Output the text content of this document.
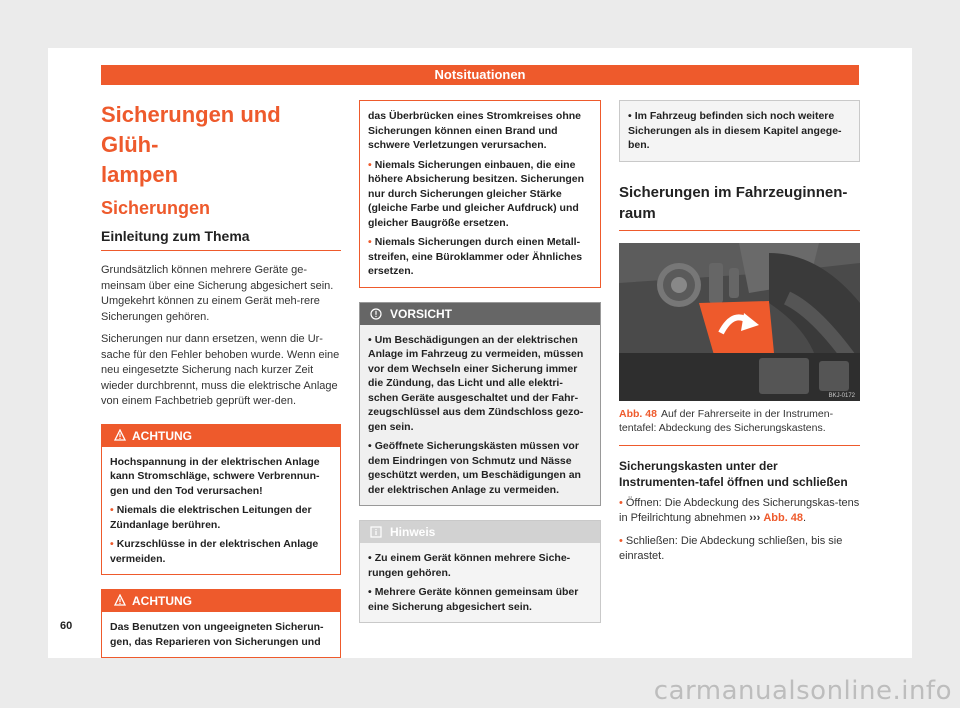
Notsituationen
Sicherungen und Glüh-
lampen
Sicherungen
Einleitung zum Thema

Grundsätzlich können mehrere Geräte ge-meinsam über eine Sicherung abgesichert sein. Umgekehrt können zu einem Gerät meh-rere Sicherungen gehören.

Sicherungen nur dann ersetzen, wenn die Ur-sache für den Fehler behoben wurde. Wenn eine neu eingesetzte Sicherung nach kurzer Zeit wieder durchbrennt, muss die elektrische Anlage von einem Fachbetrieb geprüft wer-den.

ACHTUNG

Hochspannung in der elektrischen Anlage kann Stromschläge, schwere Verbrennun-gen und den Tod verursachen!

• Niemals die elektrischen Leitungen der Zündanlage berühren.

• Kurzschlüsse in der elektrischen Anlage vermeiden.

ACHTUNG

Das Benutzen von ungeeigneten Sicherun-gen, das Reparieren von Sicherungen und

das Überbrücken eines Stromkreises ohne Sicherungen können einen Brand und schwere Verletzungen verursachen.

• Niemals Sicherungen einbauen, die eine höhere Absicherung besitzen. Sicherungen nur durch Sicherungen gleicher Stärke (gleiche Farbe und gleicher Aufdruck) und gleicher Baugröße ersetzen.

• Niemals Sicherungen durch einen Metall-streifen, eine Büroklammer oder Ähnliches ersetzen.

VORSICHT

• Um Beschädigungen an der elektrischen Anlage im Fahrzeug zu vermeiden, müssen vor dem Wechseln einer Sicherung immer die Zündung, das Licht und alle elektri-schen Geräte ausgeschaltet und der Fahr-zeugschlüssel aus dem Zündschloss gezo-gen sein.

• Geöffnete Sicherungskästen müssen vor dem Eindringen von Schmutz und Nässe geschützt werden, um Beschädigungen an der elektrischen Anlage zu vermeiden.

Hinweis

• Zu einem Gerät können mehrere Siche-rungen gehören.

• Mehrere Geräte können gemeinsam über eine Sicherung abgesichert sein.

• Im Fahrzeug befinden sich noch weitere Sicherungen als in diesem Kapitel angege-ben.

Sicherungen im Fahrzeuginnen-
raum
BKJ-0172
Abb. 48 Auf der Fahrerseite in der Instrumen-tentafel: Abdeckung des Sicherungskastens.
Sicherungskasten unter der Instrumenten-tafel öffnen und schließen

• Öffnen: Die Abdeckung des Sicherungskas-tens in Pfeilrichtung abnehmen ››› Abb. 48.

• Schließen: Die Abdeckung schließen, bis sie einrastet.

60
carmanualsonline.info
